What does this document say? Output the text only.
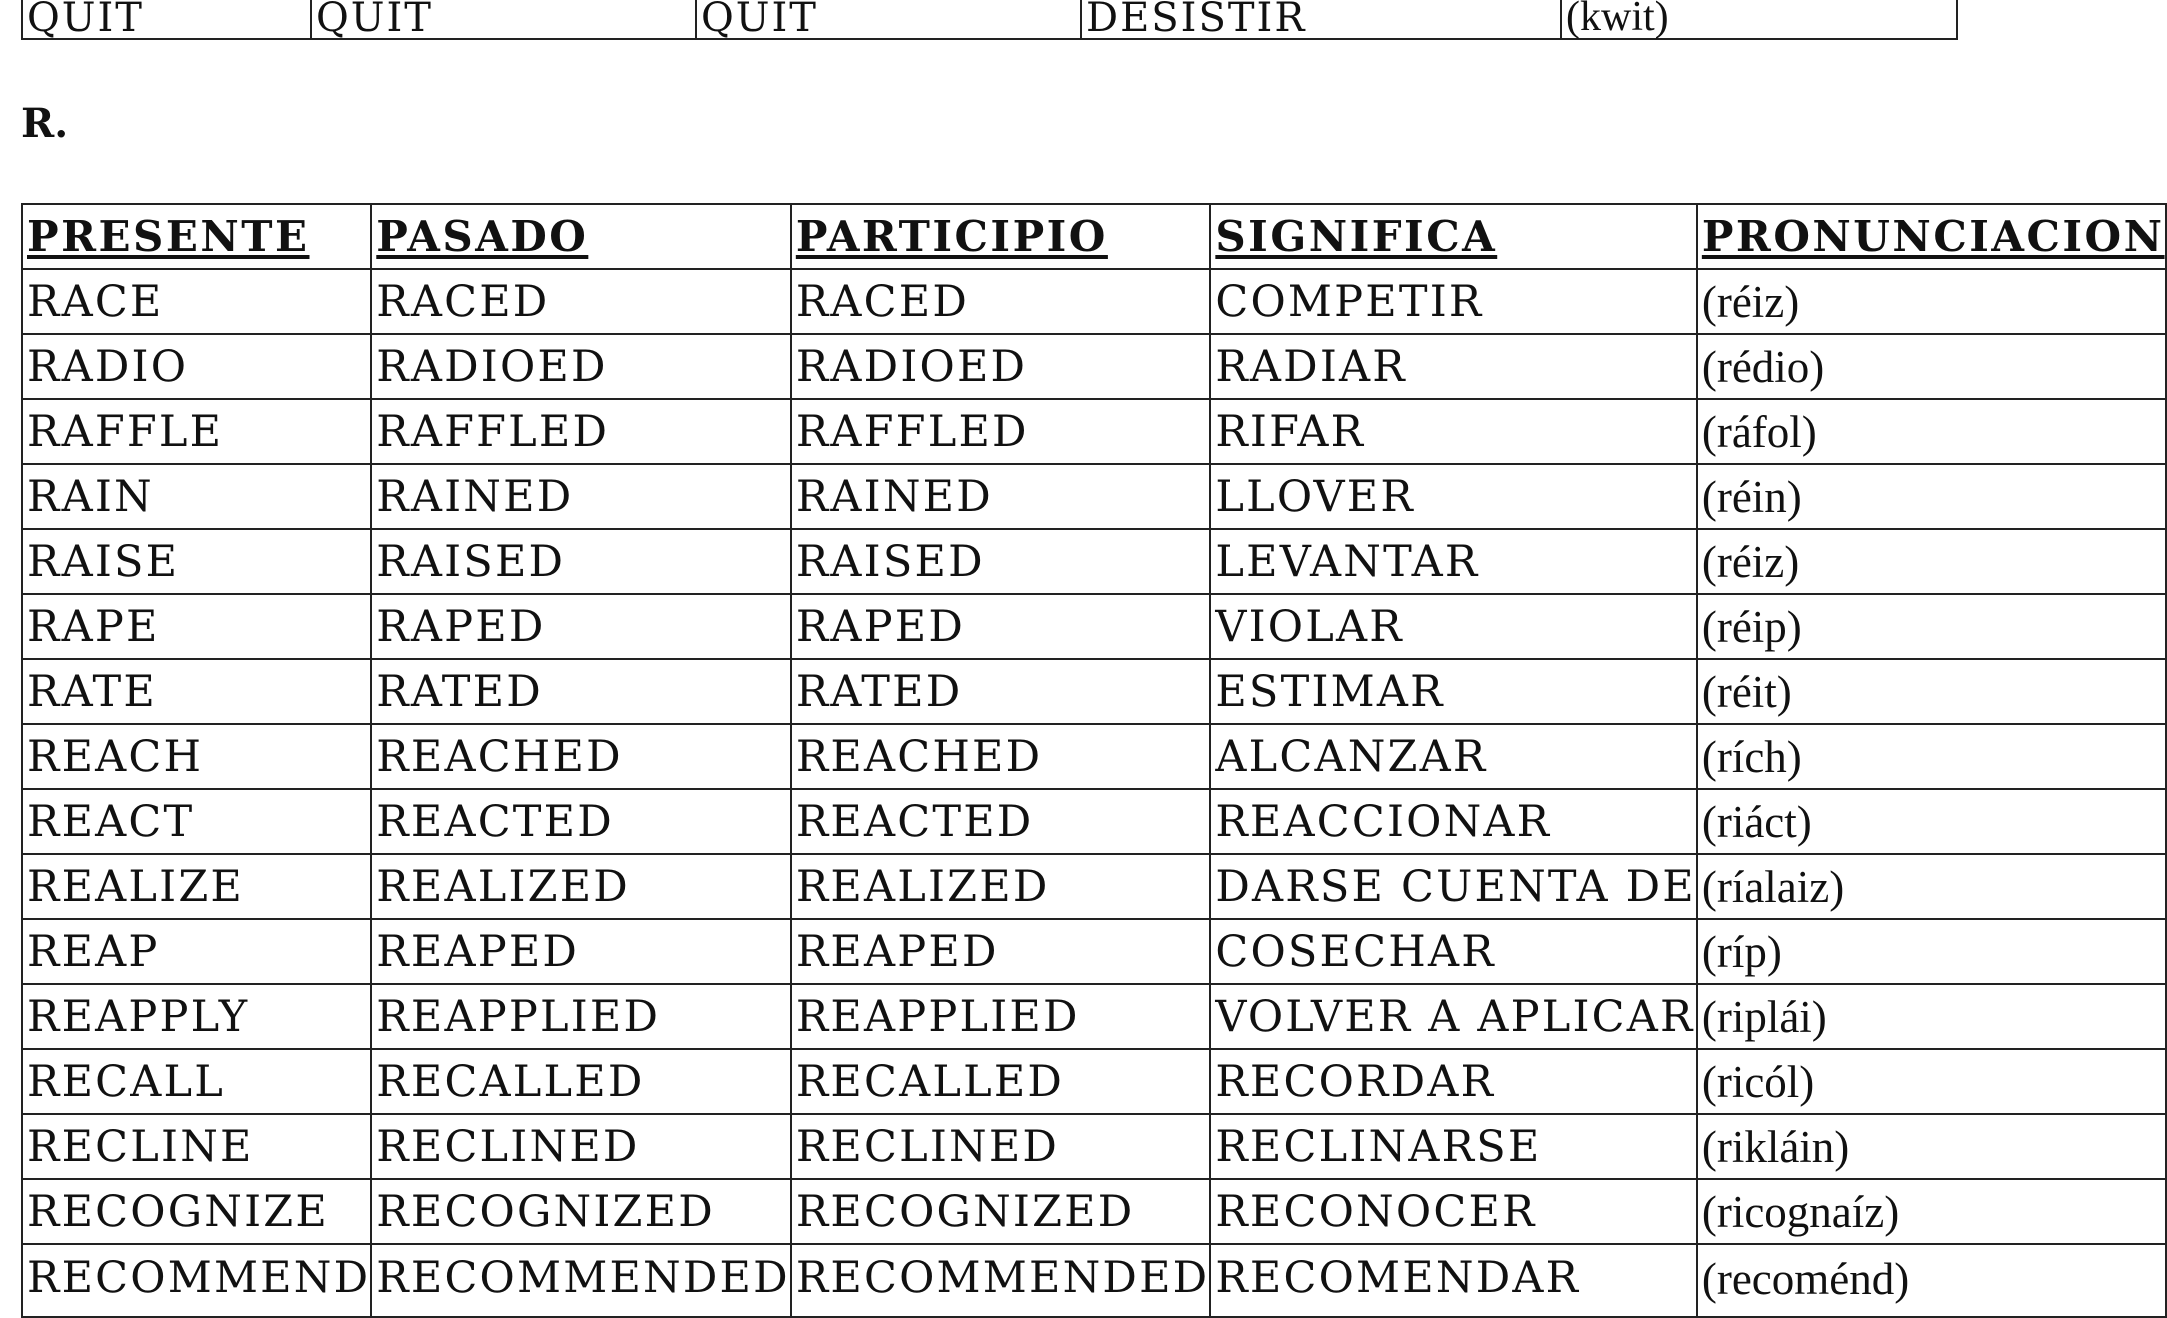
QUIT	QUIT	QUIT	DESISTIR	(kwit)

R.

PRESENTE	PASADO	PARTICIPIO	SIGNIFICA	PRONUNCIACION
RACE	RACED	RACED	COMPETIR	(réiz)
RADIO	RADIOED	RADIOED	RADIAR	(rédio)
RAFFLE	RAFFLED	RAFFLED	RIFAR	(ráfol)
RAIN	RAINED	RAINED	LLOVER	(réin)
RAISE	RAISED	RAISED	LEVANTAR	(réiz)
RAPE	RAPED	RAPED	VIOLAR	(réip)
RATE	RATED	RATED	ESTIMAR	(réit)
REACH	REACHED	REACHED	ALCANZAR	(rích)
REACT	REACTED	REACTED	REACCIONAR	(riáct)
REALIZE	REALIZED	REALIZED	DARSE CUENTA DE	(ríalaiz)
REAP	REAPED	REAPED	COSECHAR	(ríp)
REAPPLY	REAPPLIED	REAPPLIED	VOLVER A APLICAR	(ripláі)
RECALL	RECALLED	RECALLED	RECORDAR	(ricól)
RECLINE	RECLINED	RECLINED	RECLINARSE	(rikláin)
RECOGNIZE	RECOGNIZED	RECOGNIZED	RECONOCER	(ricognaíz)
RECOMMEND	RECOMMENDED	RECOMMENDED	RECOMENDAR	(recoménd)
